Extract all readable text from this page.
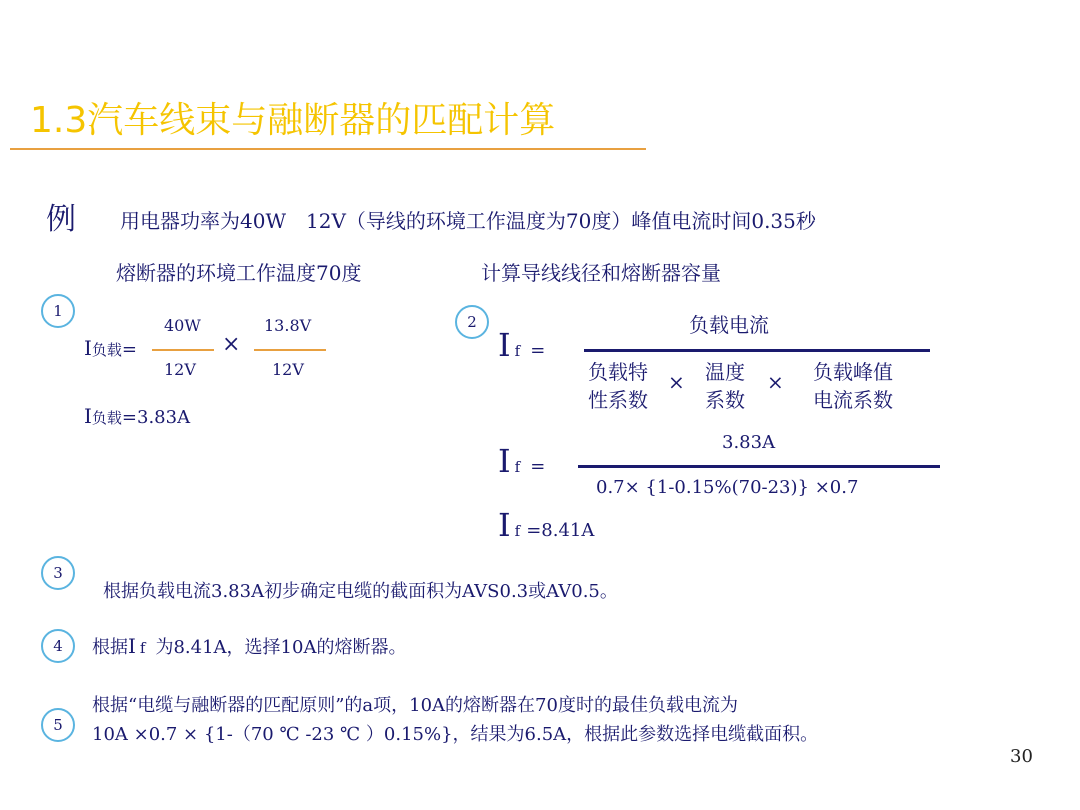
1.3汽车线束与融断器的匹配计算
例 用电器功率为40W　12V（导线的环境工作温度为70度）峰值电流时间0.35秒
熔断器的环境工作温度70度	计算导线线径和熔断器容量
1
I负载=
40W
12V
×
13.8V
12V
I负载=3.83A
2
If =
负载电流
负载特
性系数
× 温度
系数
× 负载峰值
电流系数
If =
3.83A
0.7× {1-0.15%(70-23)} ×0.7
If =8.41A
3
根据负载电流3.83A初步确定电缆的截面积为AVS0.3或AV0.5。
4	根据I f 为8.41A，选择10A的熔断器。
5
根据“电缆与融断器的匹配原则”的a项，10A的熔断器在70度时的最佳负载电流为
10A ×0.7 × {1-（70 ℃ -23 ℃ ）0.15%}，结果为6.5A，根据此参数选择电缆截面积。
30
